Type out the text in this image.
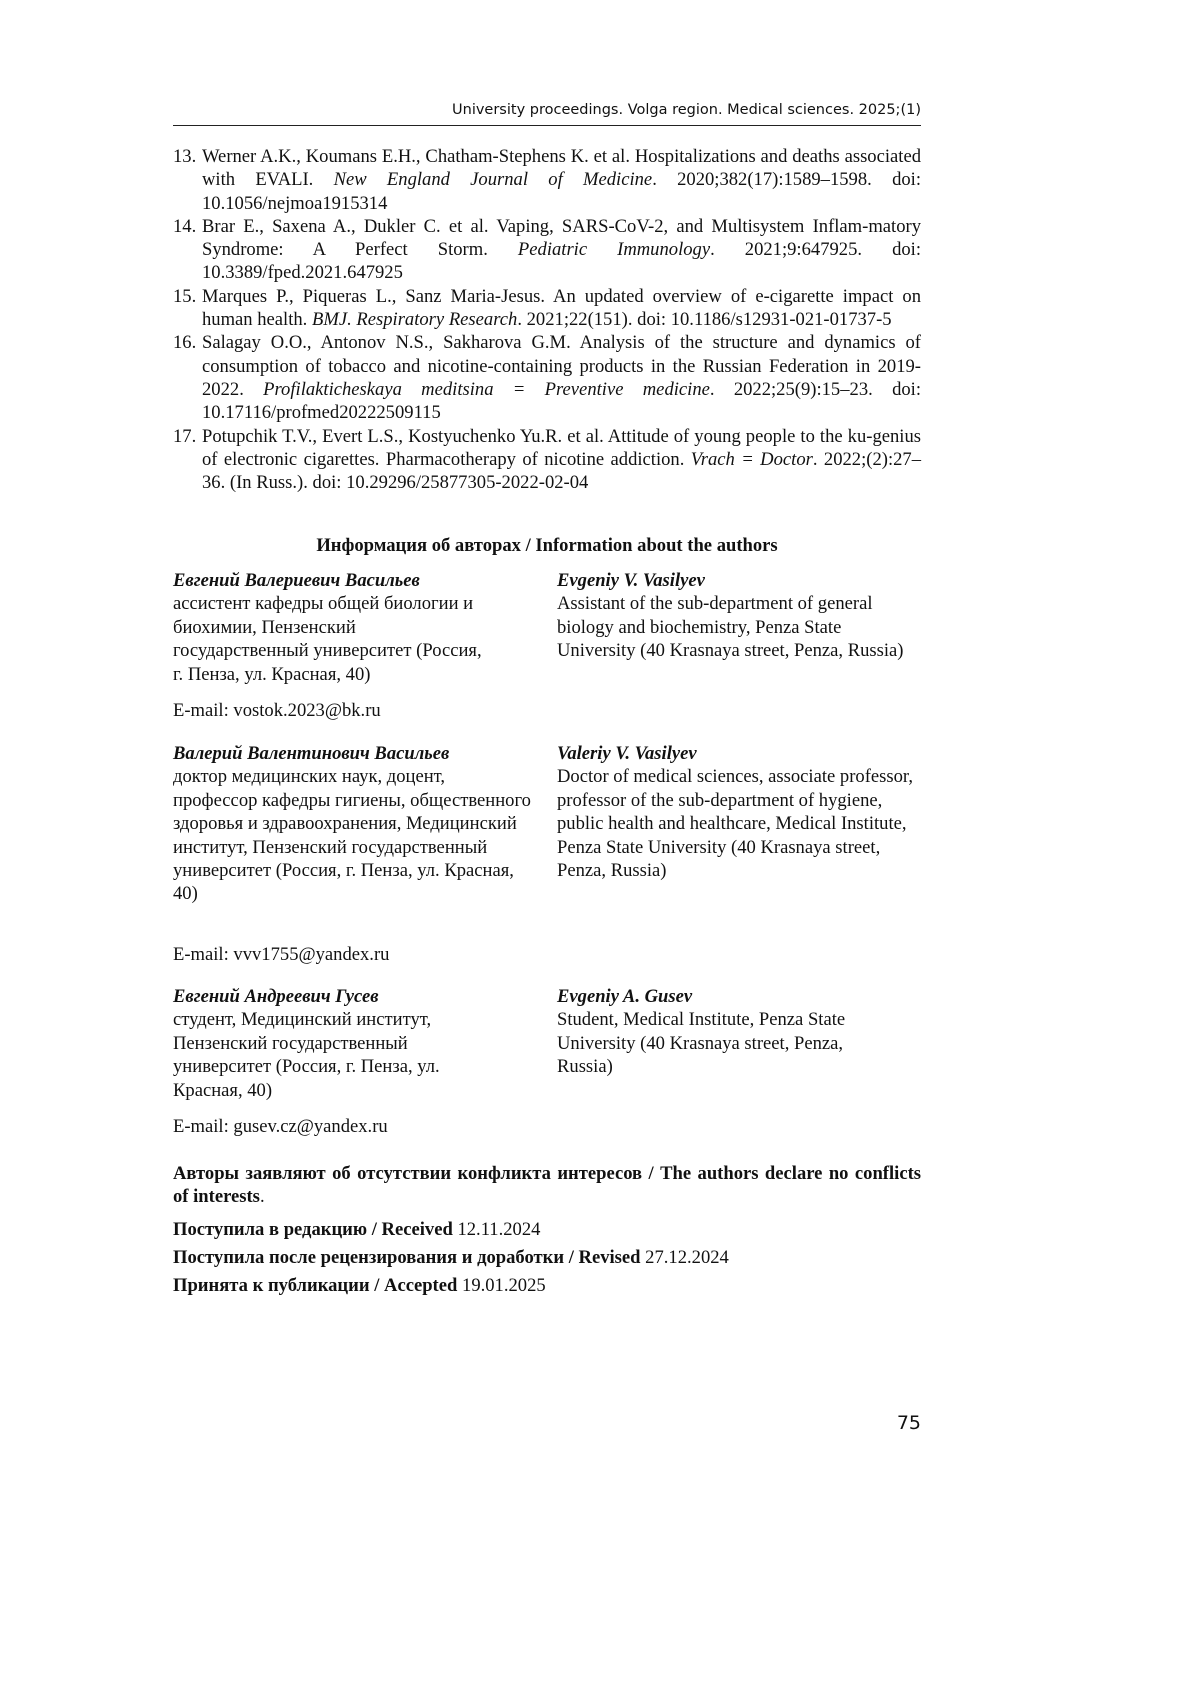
University proceedings. Volga region. Medical sciences. 2025;(1)
13. Werner A.K., Koumans E.H., Chatham-Stephens K. et al. Hospitalizations and deaths associated with EVALI. New England Journal of Medicine. 2020;382(17):1589–1598. doi: 10.1056/nejmoa1915314
14. Brar E., Saxena A., Dukler C. et al. Vaping, SARS-CoV-2, and Multisystem Inflam-matory Syndrome: A Perfect Storm. Pediatric Immunology. 2021;9:647925. doi: 10.3389/fped.2021.647925
15. Marques P., Piqueras L., Sanz Maria-Jesus. An updated overview of e-cigarette impact on human health. BMJ. Respiratory Research. 2021;22(151). doi: 10.1186/s12931-021-01737-5
16. Salagay O.O., Antonov N.S., Sakharova G.M. Analysis of the structure and dynamics of consumption of tobacco and nicotine-containing products in the Russian Federation in 2019-2022. Profilakticheskaya meditsina = Preventive medicine. 2022;25(9):15–23. doi: 10.17116/profmed20222509115
17. Potupchik T.V., Evert L.S., Kostyuchenko Yu.R. et al. Attitude of young people to the ku-genius of electronic cigarettes. Pharmacotherapy of nicotine addiction. Vrach = Doctor. 2022;(2):27–36. (In Russ.). doi: 10.29296/25877305-2022-02-04
Информация об авторах / Information about the authors
Евгений Валериевич Васильев
ассистент кафедры общей биологии и биохимии, Пензенский государственный университет (Россия, г. Пенза, ул. Красная, 40)
Evgeniy V. Vasilyev
Assistant of the sub-department of general biology and biochemistry, Penza State University (40 Krasnaya street, Penza, Russia)
E-mail: vostok.2023@bk.ru
Валерий Валентинович Васильев
доктор медицинских наук, доцент, профессор кафедры гигиены, общественного здоровья и здравоохранения, Медицинский институт, Пензенский государственный университет (Россия, г. Пенза, ул. Красная, 40)
Valeriy V. Vasilyev
Doctor of medical sciences, associate professor, professor of the sub-department of hygiene, public health and healthcare, Medical Institute, Penza State University (40 Krasnaya street, Penza, Russia)
E-mail: vvv1755@yandex.ru
Евгений Андреевич Гусев
студент, Медицинский институт, Пензенский государственный университет (Россия, г. Пенза, ул. Красная, 40)
Evgeniy A. Gusev
Student, Medical Institute, Penza State University (40 Krasnaya street, Penza, Russia)
E-mail: gusev.cz@yandex.ru
Авторы заявляют об отсутствии конфликта интересов / The authors declare no conflicts of interests.
Поступила в редакцию / Received 12.11.2024
Поступила после рецензирования и доработки / Revised 27.12.2024
Принята к публикации / Accepted 19.01.2025
75
